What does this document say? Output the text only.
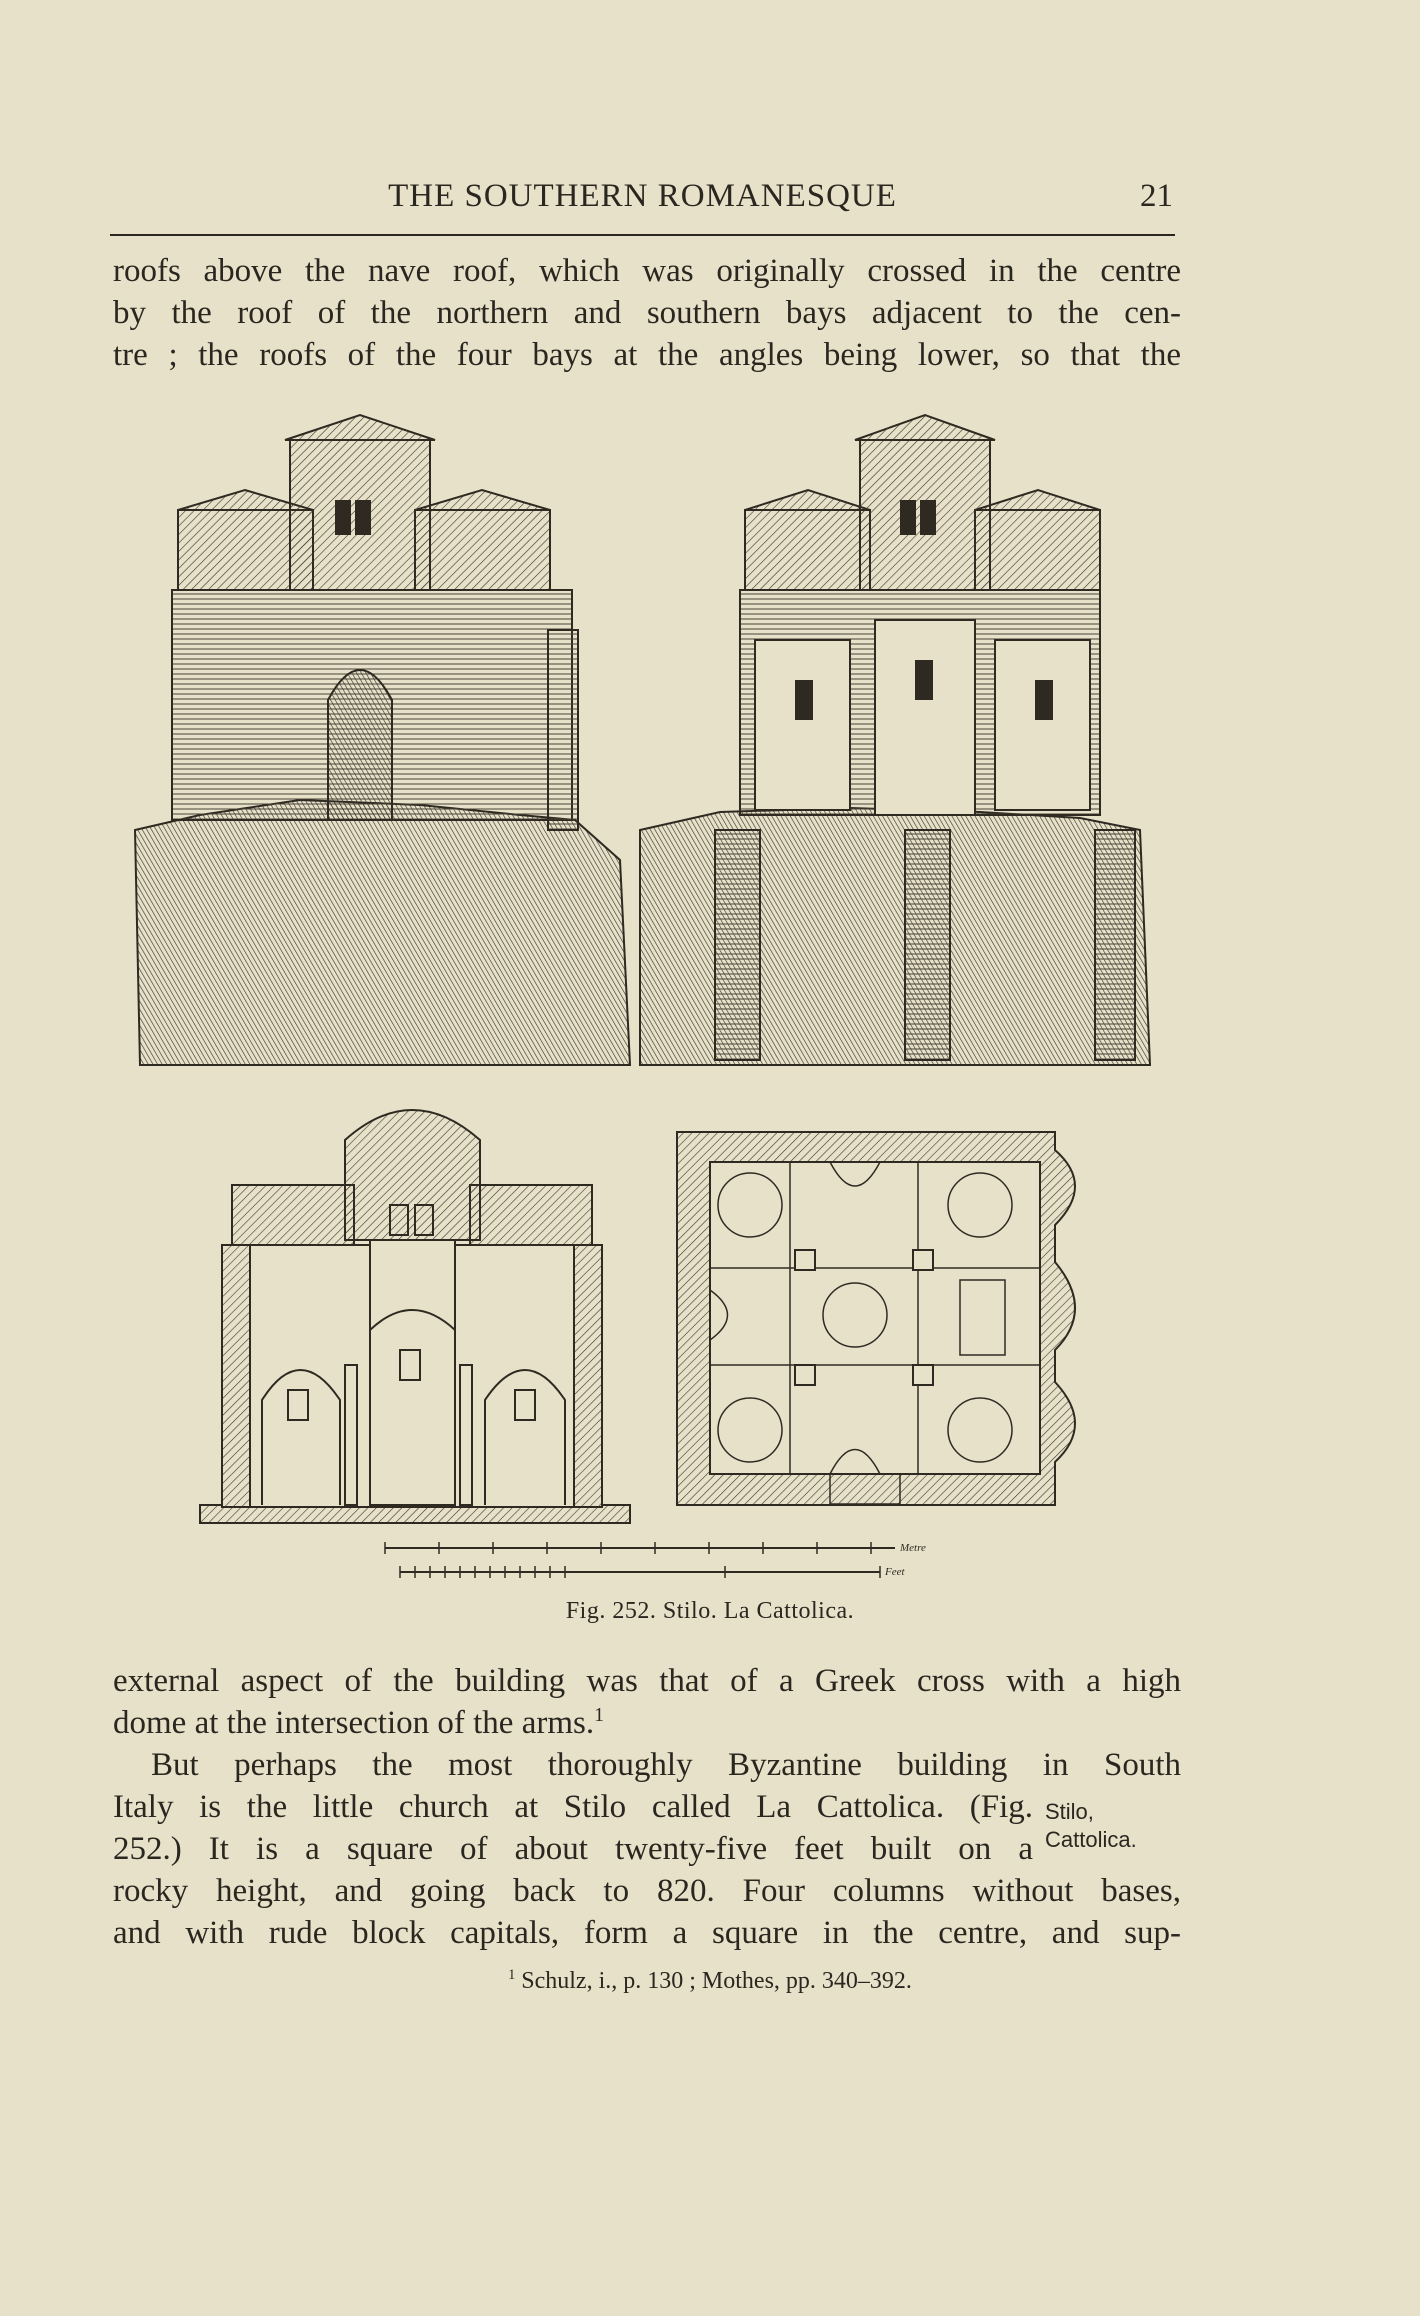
THE SOUTHERN ROMANESQUE	21
roofs above the nave roof, which was originally crossed in the centre
by the roof of the northern and southern bays adjacent to the cen-
tre ; the roofs of the four bays at the angles being lower, so that the
Metre
Feet
Fig. 252. Stilo. La Cattolica.
external aspect of the building was that of a Greek cross with a high
dome at the intersection of the arms.$^1$
But perhaps the most thoroughly Byzantine building in South
Italy is the little church at Stilo called La Cattolica. (Fig.
252.) It is a square of about twenty-five feet built on a
rocky height, and going back to 820. Four columns without bases,
and with rude block capitals, form a square in the centre, and sup-
Stilo,
Cattolica.
$^1$ Schulz, i., p. 130 ; Mothes, pp. 340–392.
